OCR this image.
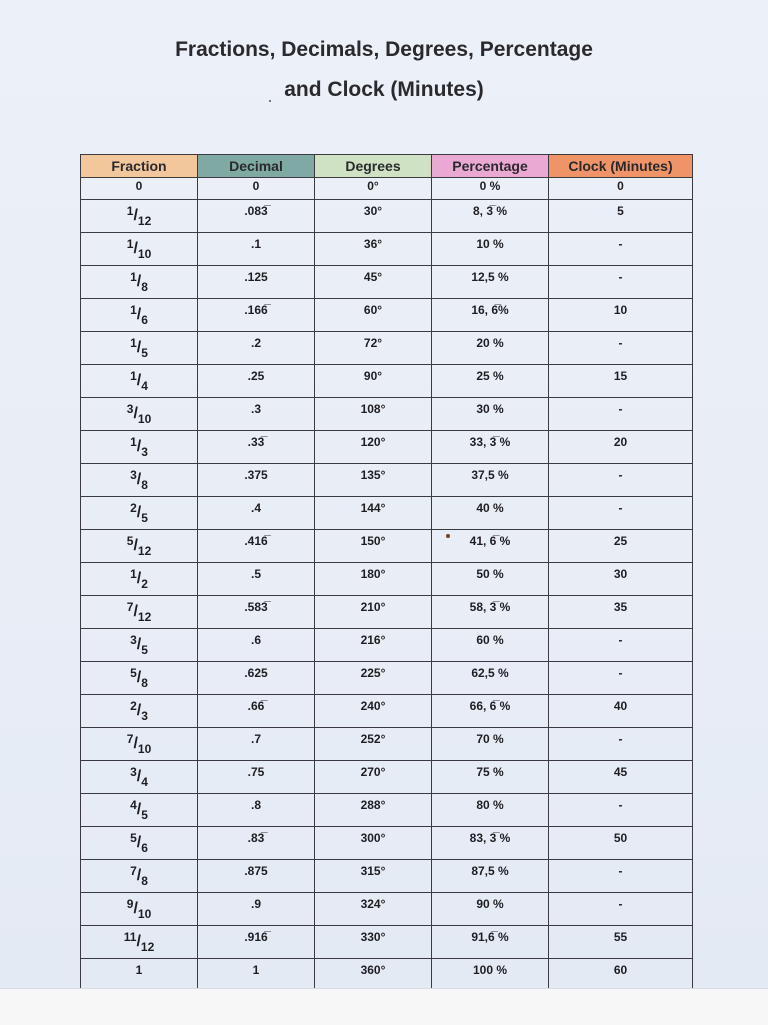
Fractions, Decimals, Degrees, Percentage
and Clock (Minutes)
Fraction	Decimal	Degrees	Percentage	Clock (Minutes)
0	0	0°	0 %	0
$^1/_{12}$	.083̅	30°	8, 3̅ %	5
$^1/_{10}$	.1	36°	10 %	-
$^1/_8$	.125	45°	12,5 %	-
$^1/_6$	.166̅	60°	16, 6̅%	10
$^1/_5$	.2	72°	20 %	-
$^1/_4$	.25	90°	25 %	15
$^3/_{10}$	.3	108°	30 %	-
$^1/_3$	.33̅	120°	33, 3̅ %	20
$^3/_8$	.375	135°	37,5 %	-
$^2/_5$	.4	144°	40 %	-
$^5/_{12}$	.416̅	150°	41, 6̅ %	25
$^1/_2$	.5	180°	50 %	30
$^7/_{12}$	.583̅	210°	58, 3̅ %	35
$^3/_5$	.6	216°	60 %	-
$^5/_8$	.625	225°	62,5 %	-
$^2/_3$	.66̅	240°	66, 6̅ %	40
$^7/_{10}$	.7	252°	70 %	-
$^3/_4$	.75	270°	75 %	45
$^4/_5$	.8	288°	80 %	-
$^5/_6$	.83̅	300°	83, 3̅ %	50
$^7/_8$	.875	315°	87,5 %	-
$^9/_{10}$	.9	324°	90 %	-
$^{11}/_{12}$	.916̅	330°	91,6̅ %	55
1	1	360°	100 %	60
